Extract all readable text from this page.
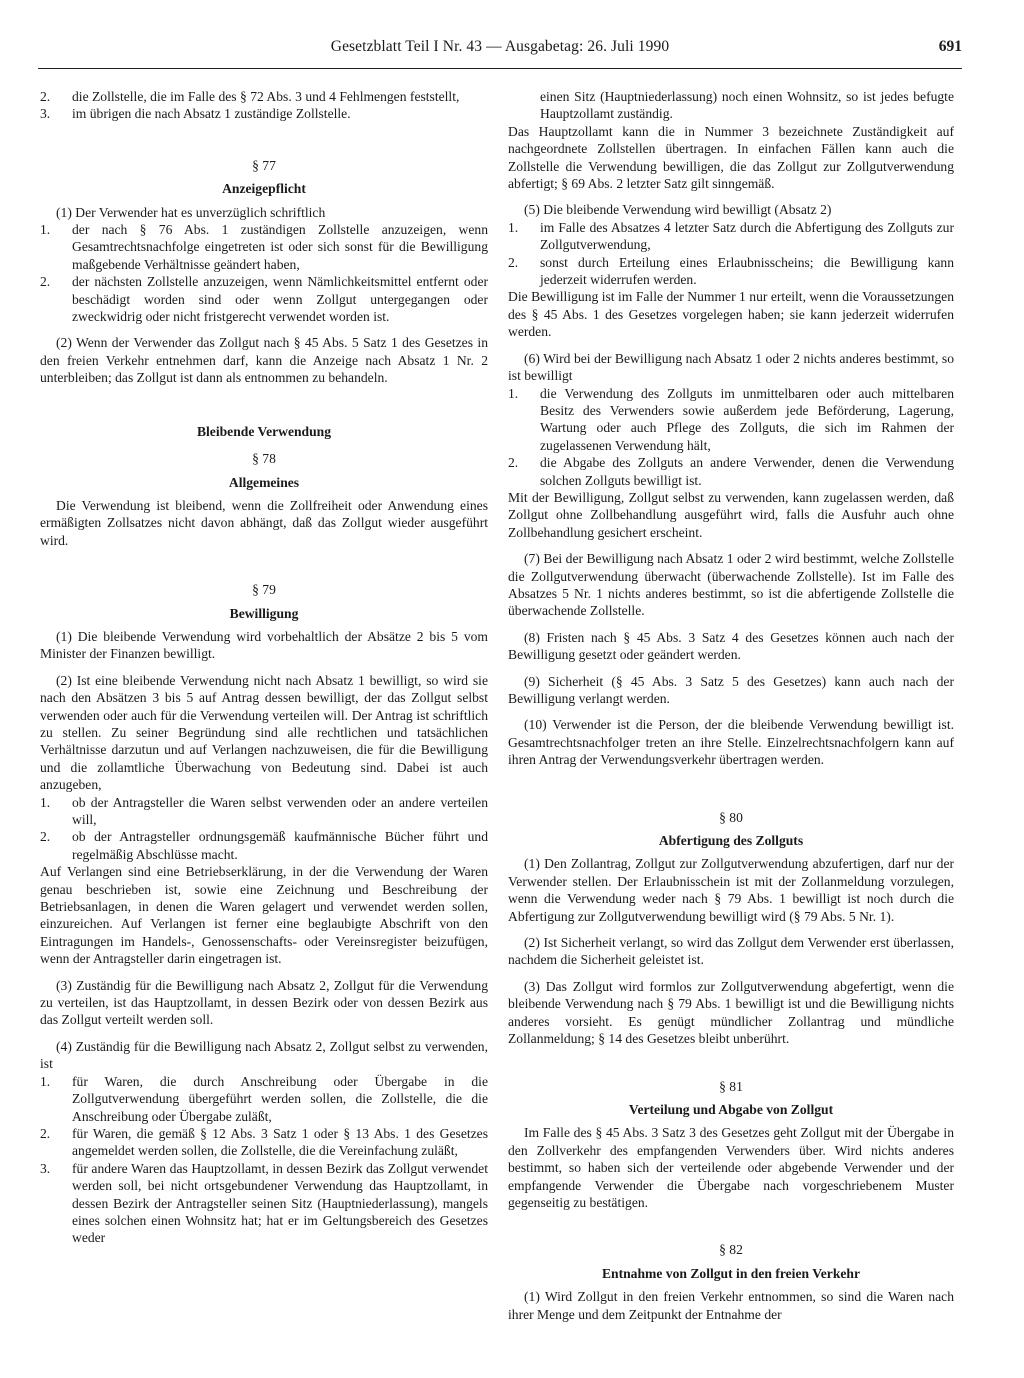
Gesetzblatt Teil I Nr. 43 — Ausgabetag: 26. Juli 1990	691
2.	die Zollstelle, die im Falle des § 72 Abs. 3 und 4 Fehlmengen feststellt,
3.	im übrigen die nach Absatz 1 zuständige Zollstelle.

§ 77

Anzeigepflicht

(1) Der Verwender hat es unverzüglich schriftlich

1.	der nach § 76 Abs. 1 zuständigen Zollstelle anzuzeigen, wenn Gesamtrechtsnachfolge eingetreten ist oder sich sonst für die Bewilligung maßgebende Verhältnisse geändert haben,
2.	der nächsten Zollstelle anzuzeigen, wenn Nämlichkeitsmittel entfernt oder beschädigt worden sind oder wenn Zollgut untergegangen oder zweckwidrig oder nicht fristgerecht verwendet worden ist.

(2) Wenn der Verwender das Zollgut nach § 45 Abs. 5 Satz 1 des Gesetzes in den freien Verkehr entnehmen darf, kann die Anzeige nach Absatz 1 Nr. 2 unterbleiben; das Zollgut ist dann als entnommen zu behandeln.

Bleibende Verwendung

§ 78

Allgemeines

Die Verwendung ist bleibend, wenn die Zollfreiheit oder Anwendung eines ermäßigten Zollsatzes nicht davon abhängt, daß das Zollgut wieder ausgeführt wird.

§ 79

Bewilligung

(1) Die bleibende Verwendung wird vorbehaltlich der Absätze 2 bis 5 vom Minister der Finanzen bewilligt.

(2) Ist eine bleibende Verwendung nicht nach Absatz 1 bewilligt, so wird sie nach den Absätzen 3 bis 5 auf Antrag dessen bewilligt, der das Zollgut selbst verwenden oder auch für die Verwendung verteilen will. Der Antrag ist schriftlich zu stellen. Zu seiner Begründung sind alle rechtlichen und tatsächlichen Verhältnisse darzutun und auf Verlangen nachzuweisen, die für die Bewilligung und die zollamtliche Überwachung von Bedeutung sind. Dabei ist auch anzugeben,

1.	ob der Antragsteller die Waren selbst verwenden oder an andere verteilen will,
2.	ob der Antragsteller ordnungsgemäß kaufmännische Bücher führt und regelmäßig Abschlüsse macht.

Auf Verlangen sind eine Betriebserklärung, in der die Verwendung der Waren genau beschrieben ist, sowie eine Zeichnung und Beschreibung der Betriebsanlagen, in denen die Waren gelagert und verwendet werden sollen, einzureichen. Auf Verlangen ist ferner eine beglaubigte Abschrift von den Eintragungen im Handels-, Genossenschafts- oder Vereinsregister beizufügen, wenn der Antragsteller darin eingetragen ist.

(3) Zuständig für die Bewilligung nach Absatz 2, Zollgut für die Verwendung zu verteilen, ist das Hauptzollamt, in dessen Bezirk oder von dessen Bezirk aus das Zollgut verteilt werden soll.

(4) Zuständig für die Bewilligung nach Absatz 2, Zollgut selbst zu verwenden, ist

1.	für Waren, die durch Anschreibung oder Übergabe in die Zollgutverwendung übergeführt werden sollen, die Zollstelle, die die Anschreibung oder Übergabe zuläßt,
2.	für Waren, die gemäß § 12 Abs. 3 Satz 1 oder § 13 Abs. 1 des Gesetzes angemeldet werden sollen, die Zollstelle, die die Vereinfachung zuläßt,
3.	für andere Waren das Hauptzollamt, in dessen Bezirk das Zollgut verwendet werden soll, bei nicht ortsgebundener Verwendung das Hauptzollamt, in dessen Bezirk der Antragsteller seinen Sitz (Hauptniederlassung), mangels eines solchen einen Wohnsitz hat; hat er im Geltungsbereich des Gesetzes weder

einen Sitz (Hauptniederlassung) noch einen Wohnsitz, so ist jedes befugte Hauptzollamt zuständig.

Das Hauptzollamt kann die in Nummer 3 bezeichnete Zuständigkeit auf nachgeordnete Zollstellen übertragen. In einfachen Fällen kann auch die Zollstelle die Verwendung bewilligen, die das Zollgut zur Zollgutverwendung abfertigt; § 69 Abs. 2 letzter Satz gilt sinngemäß.

(5) Die bleibende Verwendung wird bewilligt (Absatz 2)

1.	im Falle des Absatzes 4 letzter Satz durch die Abfertigung des Zollguts zur Zollgutverwendung,
2.	sonst durch Erteilung eines Erlaubnisscheins; die Bewilligung kann jederzeit widerrufen werden.

Die Bewilligung ist im Falle der Nummer 1 nur erteilt, wenn die Voraussetzungen des § 45 Abs. 1 des Gesetzes vorgelegen haben; sie kann jederzeit widerrufen werden.

(6) Wird bei der Bewilligung nach Absatz 1 oder 2 nichts anderes bestimmt, so ist bewilligt

1.	die Verwendung des Zollguts im unmittelbaren oder auch mittelbaren Besitz des Verwenders sowie außerdem jede Beförderung, Lagerung, Wartung oder auch Pflege des Zollguts, die sich im Rahmen der zugelassenen Verwendung hält,
2.	die Abgabe des Zollguts an andere Verwender, denen die Verwendung solchen Zollguts bewilligt ist.

Mit der Bewilligung, Zollgut selbst zu verwenden, kann zugelassen werden, daß Zollgut ohne Zollbehandlung ausgeführt wird, falls die Ausfuhr auch ohne Zollbehandlung gesichert erscheint.

(7) Bei der Bewilligung nach Absatz 1 oder 2 wird bestimmt, welche Zollstelle die Zollgutverwendung überwacht (überwachende Zollstelle). Ist im Falle des Absatzes 5 Nr. 1 nichts anderes bestimmt, so ist die abfertigende Zollstelle die überwachende Zollstelle.

(8) Fristen nach § 45 Abs. 3 Satz 4 des Gesetzes können auch nach der Bewilligung gesetzt oder geändert werden.

(9) Sicherheit (§ 45 Abs. 3 Satz 5 des Gesetzes) kann auch nach der Bewilligung verlangt werden.

(10) Verwender ist die Person, der die bleibende Verwendung bewilligt ist. Gesamtrechtsnachfolger treten an ihre Stelle. Einzelrechtsnachfolgern kann auf ihren Antrag der Verwendungsverkehr übertragen werden.

§ 80

Abfertigung des Zollguts

(1) Den Zollantrag, Zollgut zur Zollgutverwendung abzufertigen, darf nur der Verwender stellen. Der Erlaubnisschein ist mit der Zollanmeldung vorzulegen, wenn die Verwendung weder nach § 79 Abs. 1 bewilligt ist noch durch die Abfertigung zur Zollgutverwendung bewilligt wird (§ 79 Abs. 5 Nr. 1).

(2) Ist Sicherheit verlangt, so wird das Zollgut dem Verwender erst überlassen, nachdem die Sicherheit geleistet ist.

(3) Das Zollgut wird formlos zur Zollgutverwendung abgefertigt, wenn die bleibende Verwendung nach § 79 Abs. 1 bewilligt ist und die Bewilligung nichts anderes vorsieht. Es genügt mündlicher Zollantrag und mündliche Zollanmeldung; § 14 des Gesetzes bleibt unberührt.

§ 81

Verteilung und Abgabe von Zollgut

Im Falle des § 45 Abs. 3 Satz 3 des Gesetzes geht Zollgut mit der Übergabe in den Zollverkehr des empfangenden Verwenders über. Wird nichts anderes bestimmt, so haben sich der verteilende oder abgebende Verwender und der empfangende Verwender die Übergabe nach vorgeschriebenem Muster gegenseitig zu bestätigen.

§ 82

Entnahme von Zollgut in den freien Verkehr

(1) Wird Zollgut in den freien Verkehr entnommen, so sind die Waren nach ihrer Menge und dem Zeitpunkt der Entnahme der
